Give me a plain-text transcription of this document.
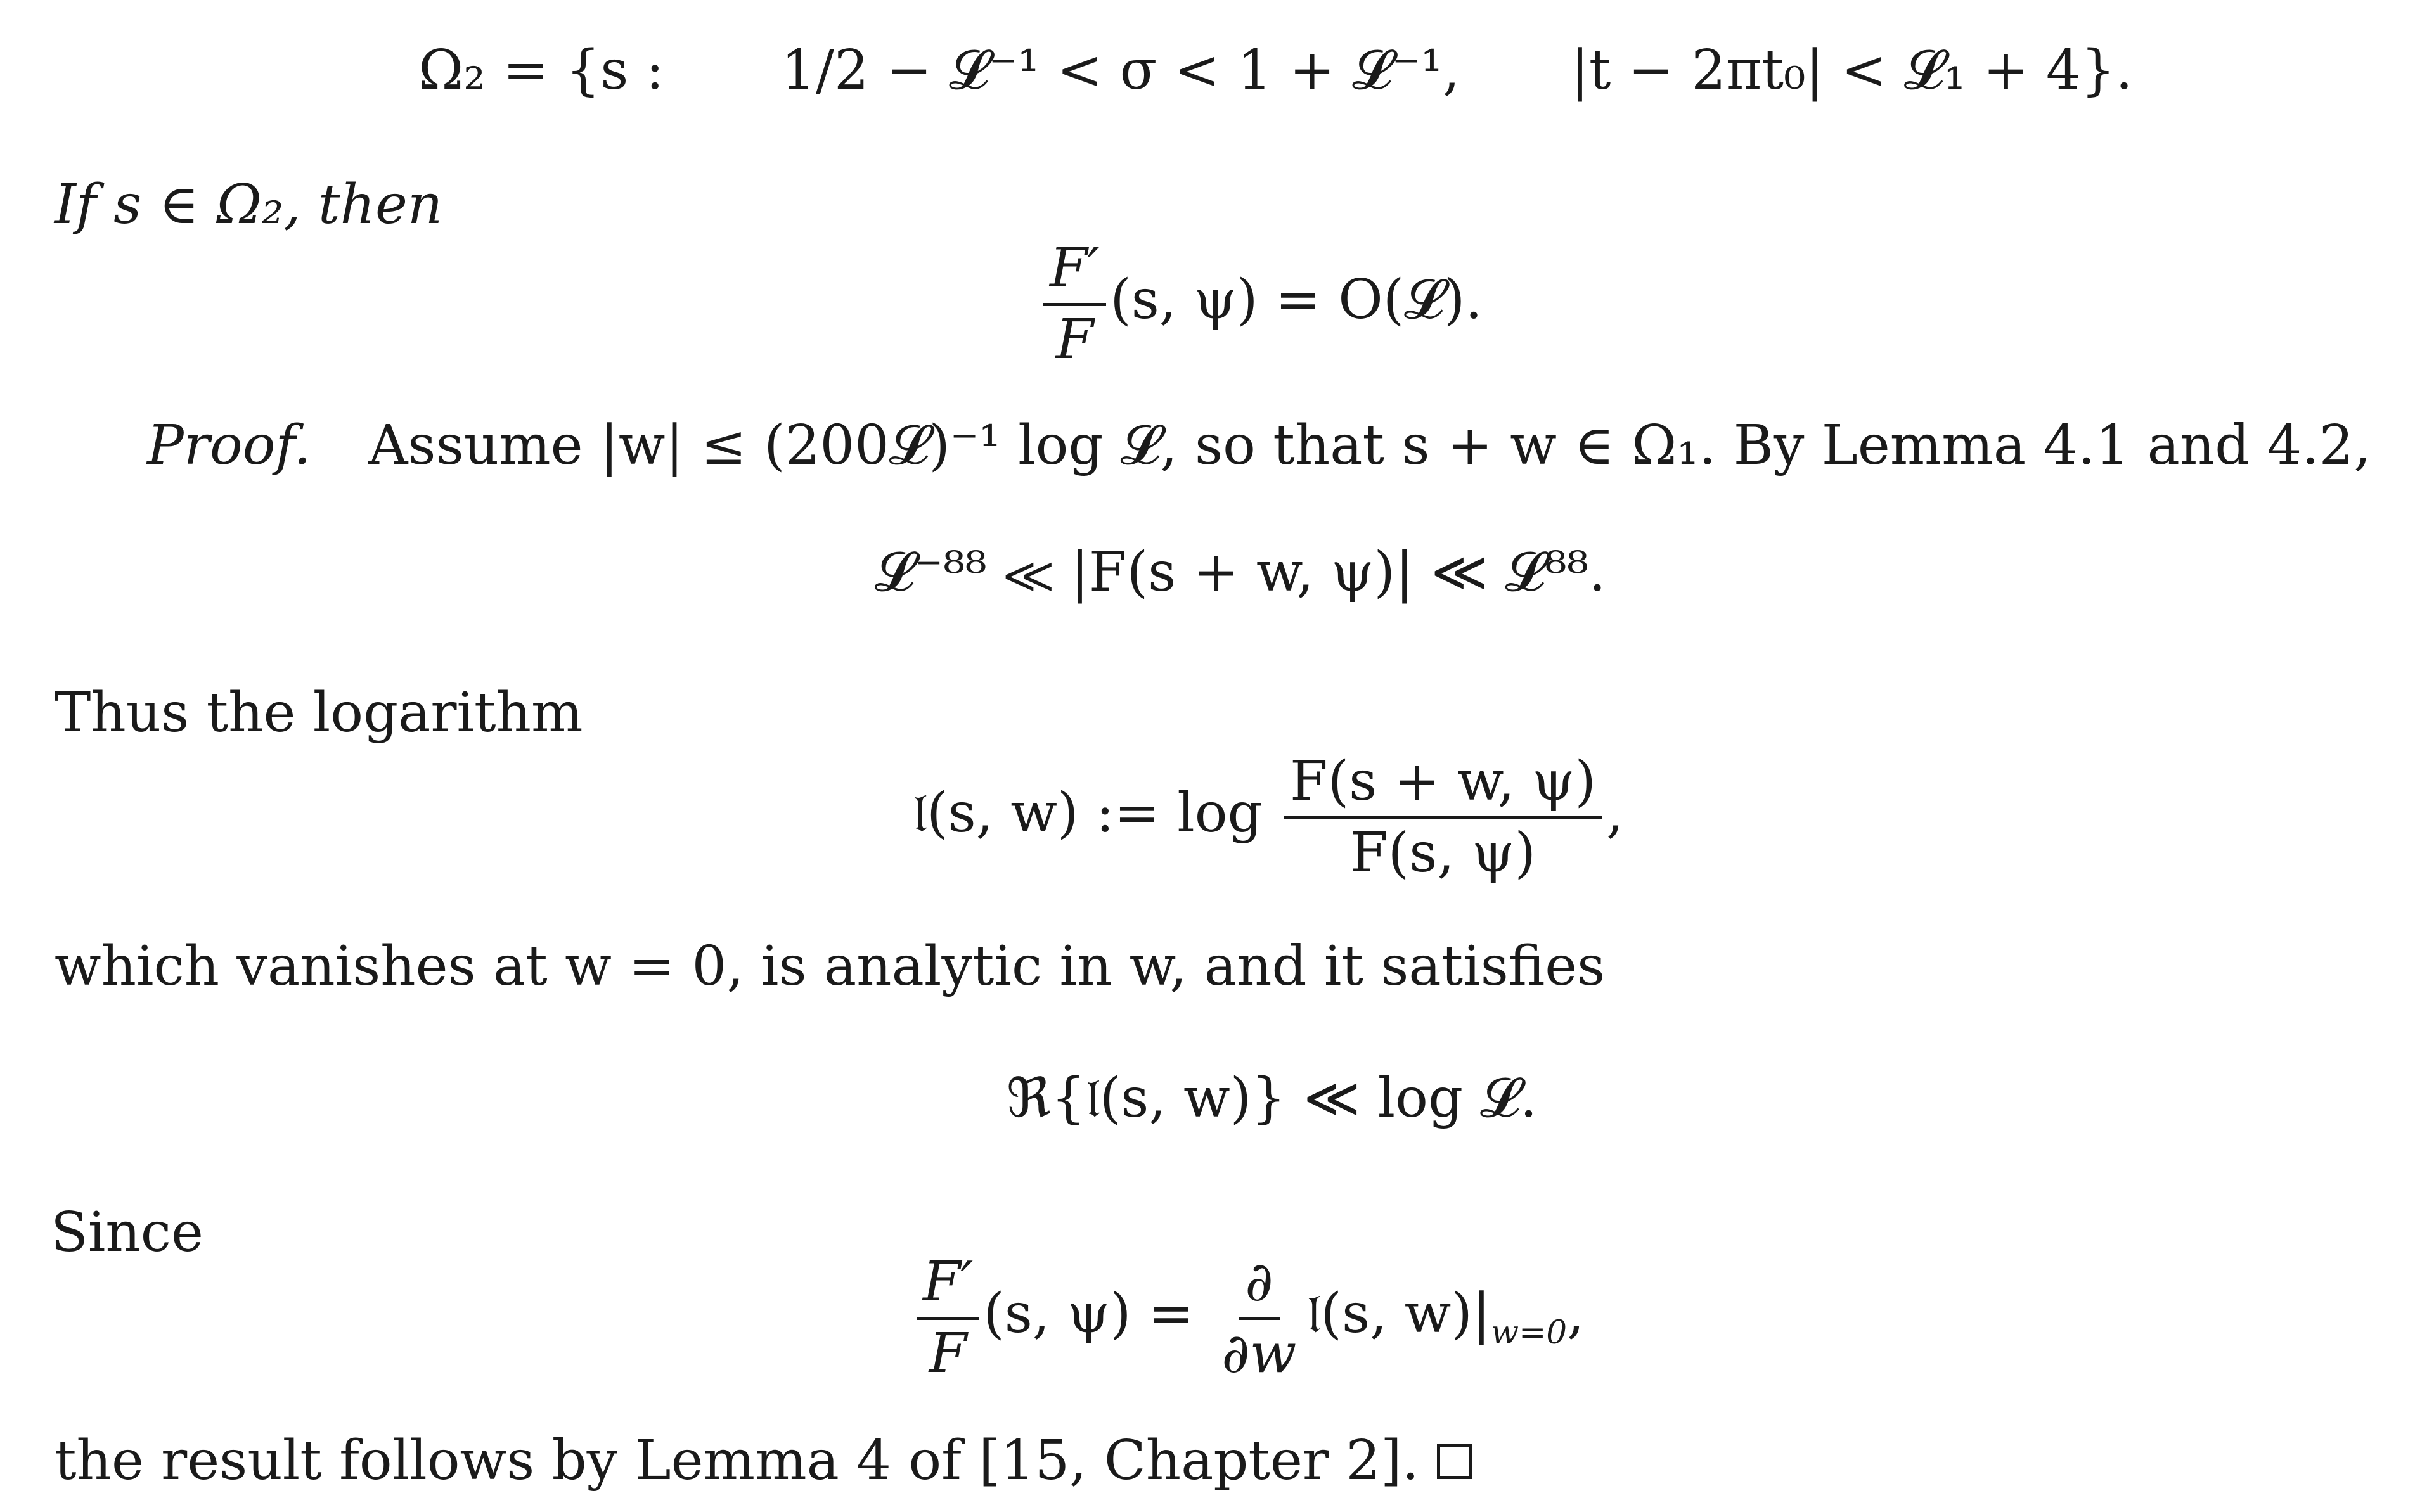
Ω₂ = {s : 1/2 − 𝓛⁻¹ < σ < 1 + 𝓛⁻¹, |t − 2πt₀| < 𝓛₁ + 4}.
If s ∈ Ω₂, then
$\frac{F'}{F} (s$, ψ) = O(𝓛).
Proof. Assume |w| ≤ (200𝓛)⁻¹ log 𝓛, so that s + w ∈ Ω₁. By Lemma 4.1 and 4.2,
𝓛⁻⁸⁸ ≪ |F(s + w, ψ)| ≪ 𝓛⁸⁸.
Thus the logarithm
𝔩(s, w) := $\log \frac{F(s + w, \psi)}{F(s, \psi)}$ ,
which vanishes at w = 0, is analytic in w, and it satisfies
ℜ{𝔩(s, w)} ≪ log 𝓛.
Since
$\frac{F'}{F} (s$, $\psi) = \frac{\partial}{\partial w}$ 𝔩(s, $w)|_{w=0}$,
the result follows by Lemma 4 of [15, Chapter 2].
